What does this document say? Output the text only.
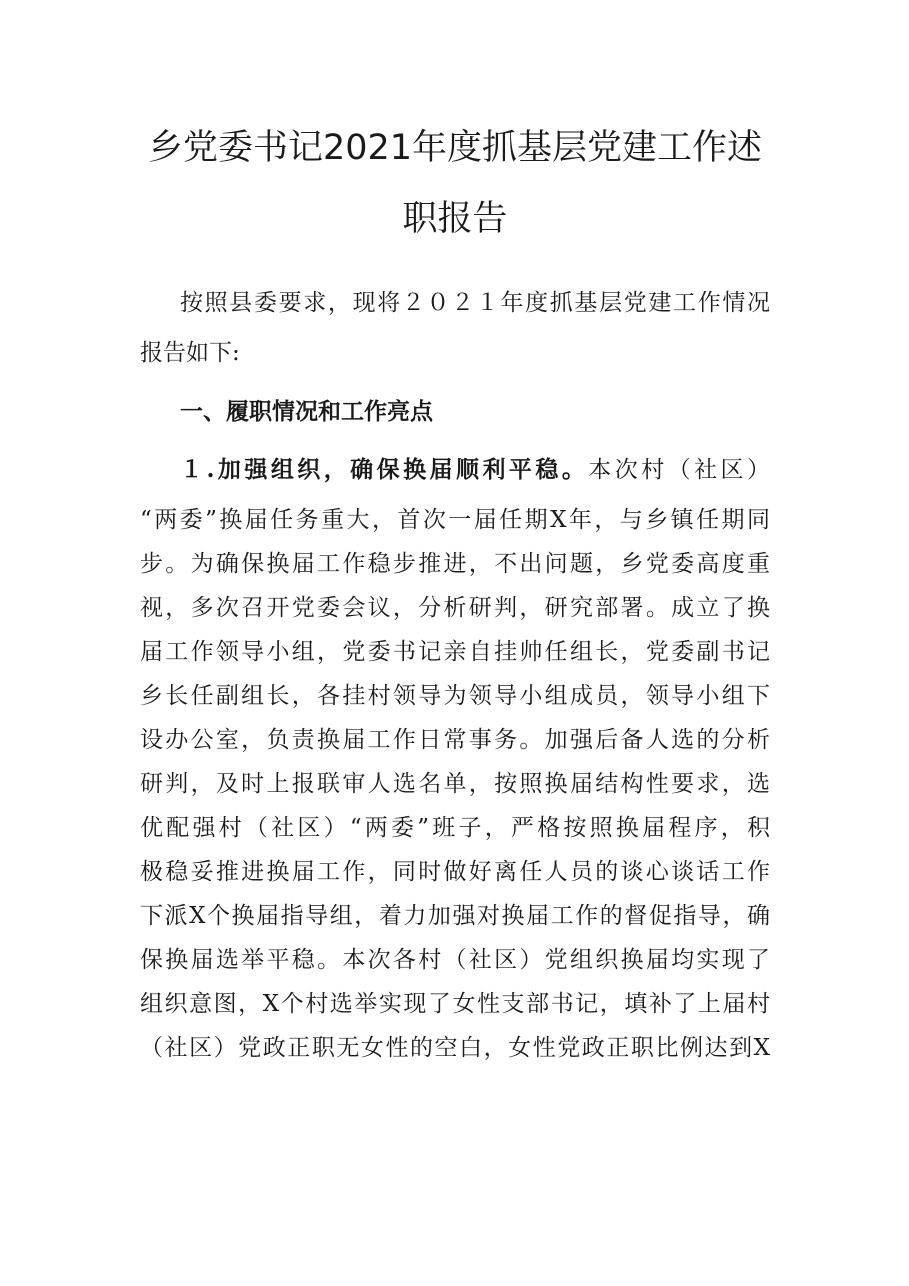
乡党委书记2021年度抓基层党建工作述
职报告
按照县委要求，现将２０２１年度抓基层党建工作情况
报告如下:
一、履职情况和工作亮点
１.加强组织，确保换届顺利平稳。本次村（社区）
“两委”换届任务重大，首次一届任期X年，与乡镇任期同
步。为确保换届工作稳步推进，不出问题，乡党委高度重
视，多次召开党委会议，分析研判，研究部署。成立了换
届工作领导小组，党委书记亲自挂帅任组长，党委副书记
乡长任副组长，各挂村领导为领导小组成员，领导小组下
设办公室，负责换届工作日常事务。加强后备人选的分析
研判，及时上报联审人选名单，按照换届结构性要求，选
优配强村（社区）“两委”班子，严格按照换届程序，积
极稳妥推进换届工作，同时做好离任人员的谈心谈话工作
下派X个换届指导组，着力加强对换届工作的督促指导，确
保换届选举平稳。本次各村（社区）党组织换届均实现了
组织意图，X个村选举实现了女性支部书记，填补了上届村
（社区）党政正职无女性的空白，女性党政正职比例达到X
